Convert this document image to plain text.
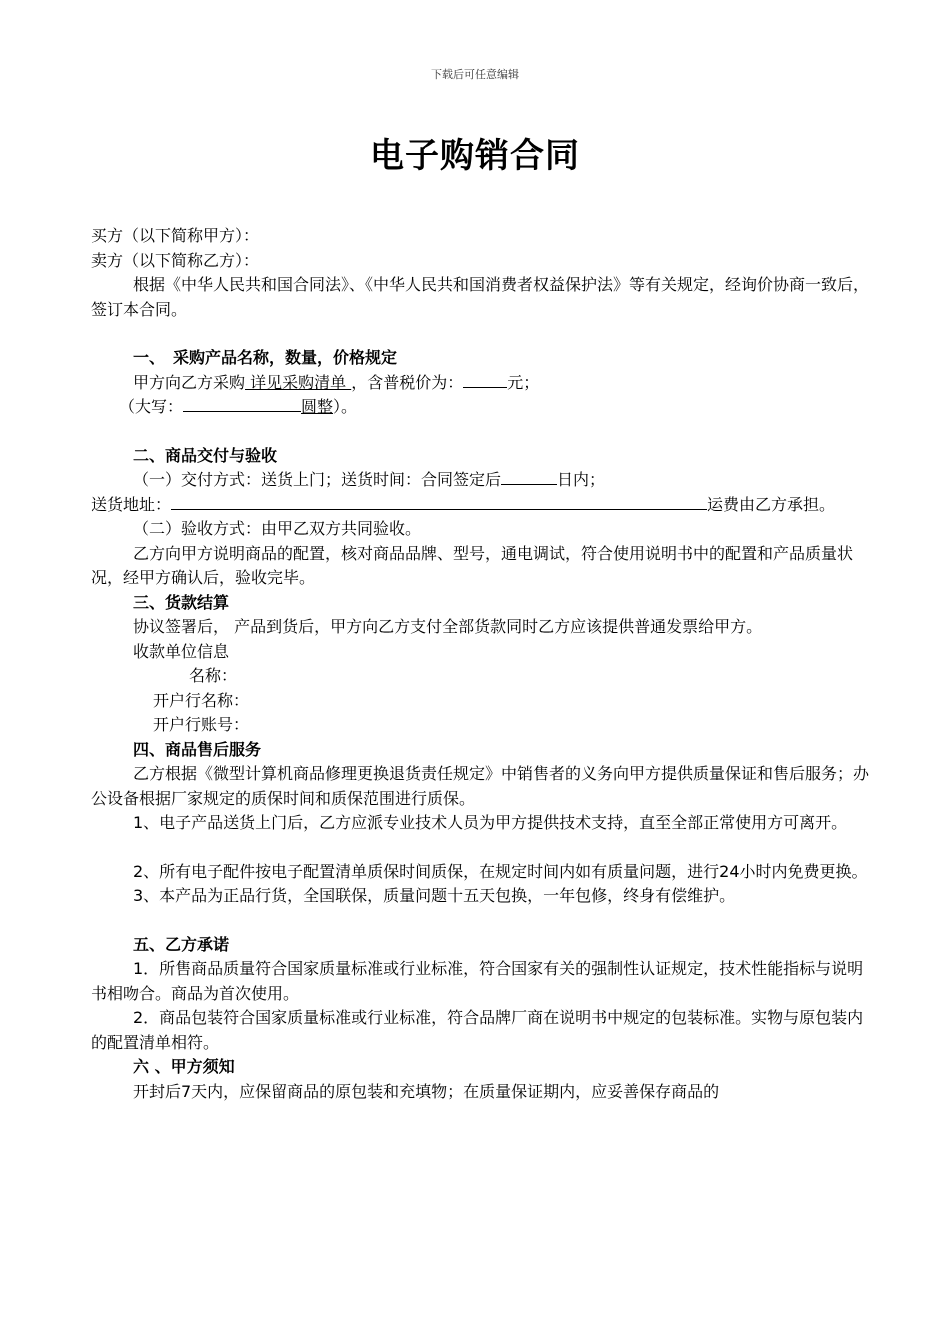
下载后可任意编辑
电子购销合同

买方（以下简称甲方）：

卖方（以下简称乙方）：

根据《中华人民共和国合同法》、《中华人民共和国消费者权益保护法》等有关规定，经询价协商一致后，签订本合同。

一、　采购产品名称，数量，价格规定

甲方向乙方采购 详见采购清单 ，含普税价为：	元；

（大写：	圆整）。

二、商品交付与验收

（一）交付方式：送货上门；送货时间：合同签定后	日内；

送货地址：	运费由乙方承担。

（二）验收方式：由甲乙双方共同验收。

乙方向甲方说明商品的配置，核对商品品牌、型号，通电调试，符合使用说明书中的配置和产品质量状况，经甲方确认后，验收完毕。

三、货款结算

协议签署后， 产品到货后，甲方向乙方支付全部货款同时乙方应该提供普通发票给甲方。

收款单位信息

名称：

开户行名称：

开户行账号：

四、商品售后服务

乙方根据《微型计算机商品修理更换退货责任规定》中销售者的义务向甲方提供质量保证和售后服务；办公设备根据厂家规定的质保时间和质保范围进行质保。

1、电子产品送货上门后，乙方应派专业技术人员为甲方提供技术支持，直至全部正常使用方可离开。

2、所有电子配件按电子配置清单质保时间质保，在规定时间内如有质量问题，进行24小时内免费更换。

3、本产品为正品行货，全国联保，质量问题十五天包换，一年包修，终身有偿维护。

五、乙方承诺

1．所售商品质量符合国家质量标准或行业标准，符合国家有关的强制性认证规定，技术性能指标与说明书相吻合。商品为首次使用。

2．商品包装符合国家质量标准或行业标准，符合品牌厂商在说明书中规定的包装标准。实物与原包装内的配置清单相符。

六 、甲方须知

开封后7天内，应保留商品的原包装和充填物；在质量保证期内，应妥善保存商品的
